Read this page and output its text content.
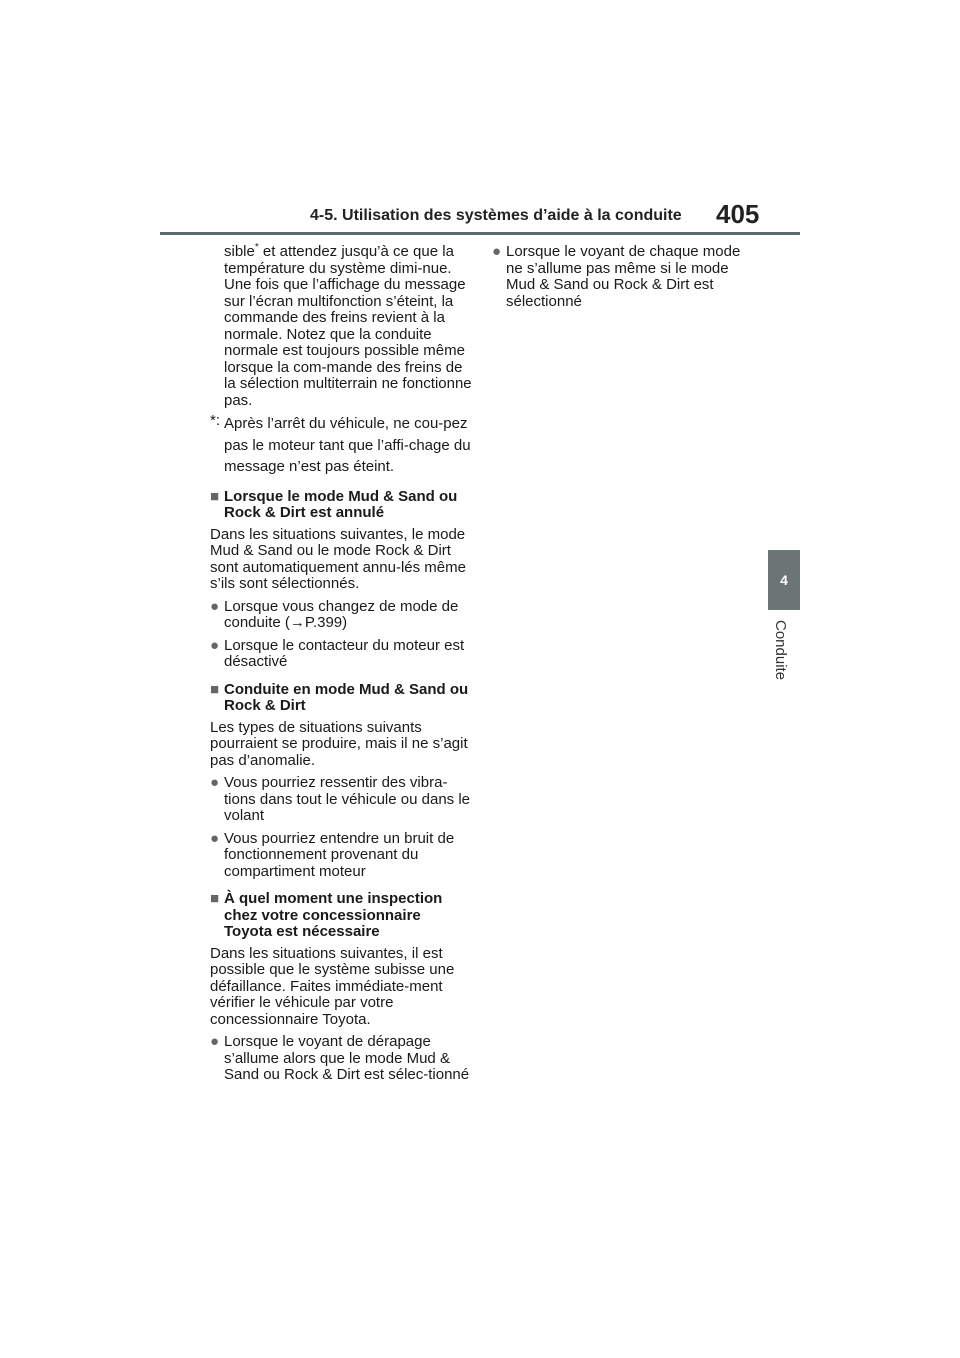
4-5. Utilisation des systèmes d’aide à la conduite 405
4
Conduite

sible* et attendez jusqu’à ce que la température du système dimi-nue. Une fois que l’affichage du message sur l’écran multifonction s’éteint, la commande des freins revient à la normale. Notez que la conduite normale est toujours possible même lorsque la com-mande des freins de la sélection multiterrain ne fonctionne pas.

*: Après l’arrêt du véhicule, ne cou-pez pas le moteur tant que l’affi-chage du message n’est pas éteint.
■ Lorsque le mode Mud & Sand ou Rock & Dirt est annulé

Dans les situations suivantes, le mode Mud & Sand ou le mode Rock & Dirt sont automatiquement annu-lés même s’ils sont sélectionnés.

● Lorsque vous changez de mode de conduite (→P.399)
● Lorsque le contacteur du moteur est désactivé
■ Conduite en mode Mud & Sand ou Rock & Dirt

Les types de situations suivants pourraient se produire, mais il ne s’agit pas d’anomalie.

● Vous pourriez ressentir des vibra-tions dans tout le véhicule ou dans le volant
● Vous pourriez entendre un bruit de fonctionnement provenant du compartiment moteur
■ À quel moment une inspection chez votre concessionnaire Toyota est nécessaire

Dans les situations suivantes, il est possible que le système subisse une défaillance. Faites immédiate-ment vérifier le véhicule par votre concessionnaire Toyota.

● Lorsque le voyant de dérapage s’allume alors que le mode Mud & Sand ou Rock & Dirt est sélec-tionné
● Lorsque le voyant de chaque mode ne s’allume pas même si le mode Mud & Sand ou Rock & Dirt est sélectionné
